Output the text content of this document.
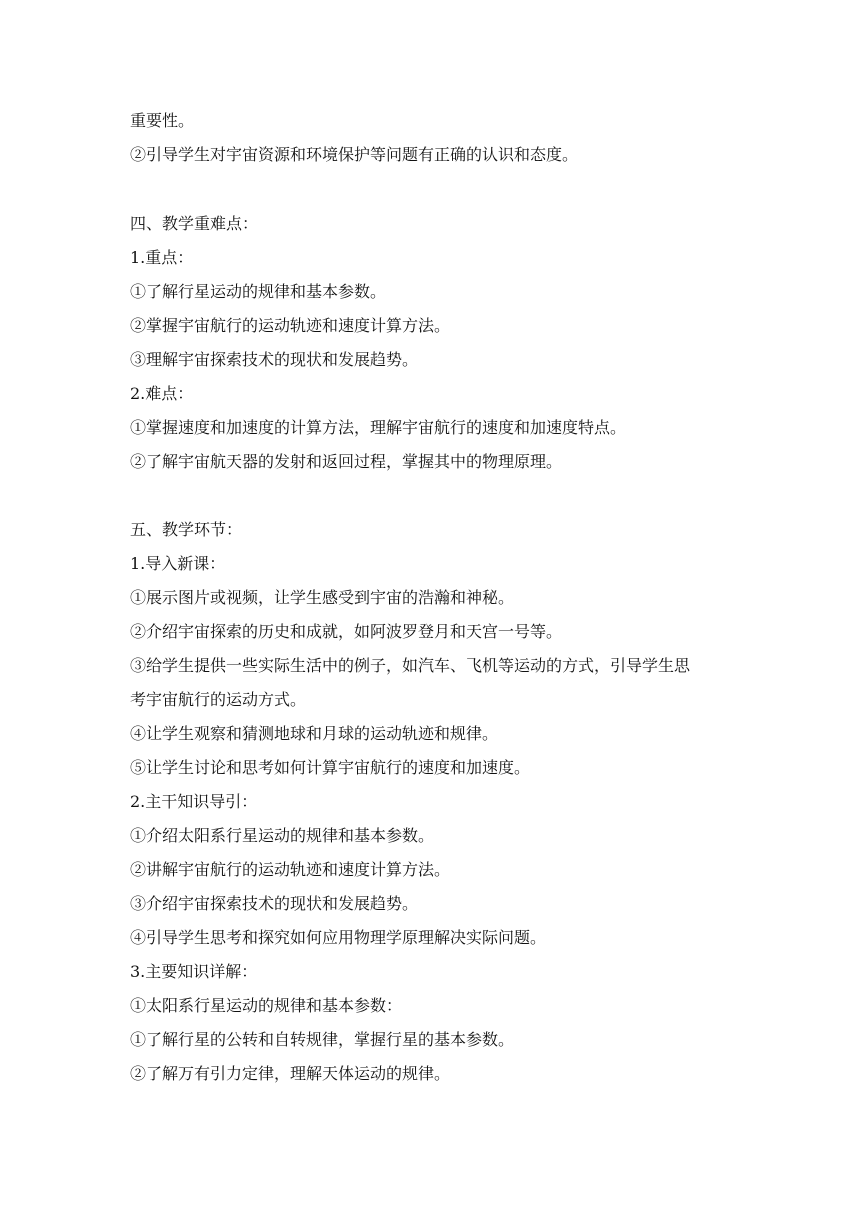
重要性。
②引导学生对宇宙资源和环境保护等问题有正确的认识和态度。
四、教学重难点：
1.重点：
①了解行星运动的规律和基本参数。
②掌握宇宙航行的运动轨迹和速度计算方法。
③理解宇宙探索技术的现状和发展趋势。
2.难点：
①掌握速度和加速度的计算方法，理解宇宙航行的速度和加速度特点。
②了解宇宙航天器的发射和返回过程，掌握其中的物理原理。
五、教学环节：
1.导入新课：
①展示图片或视频，让学生感受到宇宙的浩瀚和神秘。
②介绍宇宙探索的历史和成就，如阿波罗登月和天宫一号等。
③给学生提供一些实际生活中的例子，如汽车、飞机等运动的方式，引导学生思
考宇宙航行的运动方式。
④让学生观察和猜测地球和月球的运动轨迹和规律。
⑤让学生讨论和思考如何计算宇宙航行的速度和加速度。
2.主干知识导引：
①介绍太阳系行星运动的规律和基本参数。
②讲解宇宙航行的运动轨迹和速度计算方法。
③介绍宇宙探索技术的现状和发展趋势。
④引导学生思考和探究如何应用物理学原理解决实际问题。
3.主要知识详解：
①太阳系行星运动的规律和基本参数：
①了解行星的公转和自转规律，掌握行星的基本参数。
②了解万有引力定律，理解天体运动的规律。
